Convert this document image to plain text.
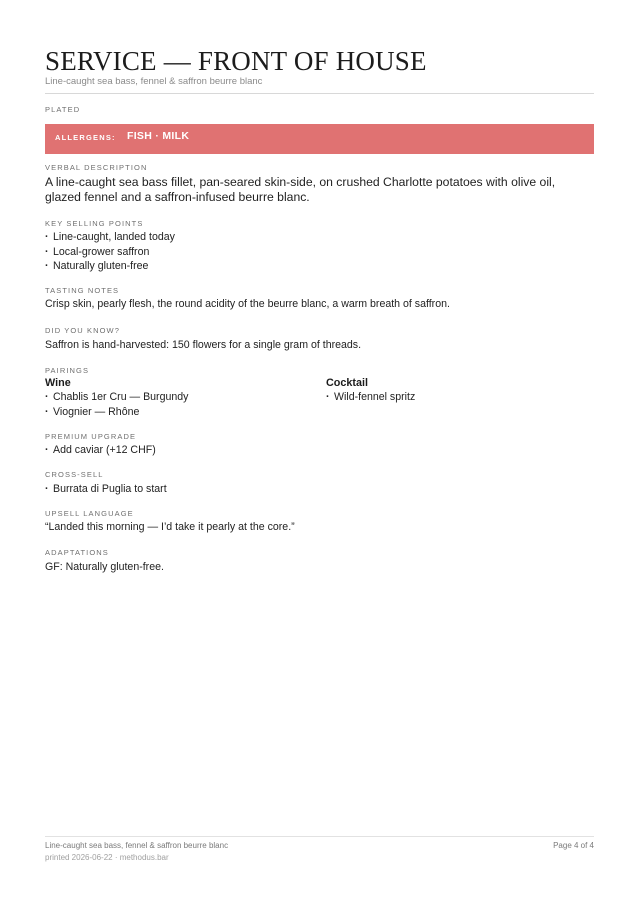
SERVICE — FRONT OF HOUSE
Line-caught sea bass, fennel & saffron beurre blanc
PLATED
ALLERGENS: FISH · MILK
VERBAL DESCRIPTION
A line-caught sea bass fillet, pan-seared skin-side, on crushed Charlotte potatoes with olive oil, glazed fennel and a saffron-infused beurre blanc.
KEY SELLING POINTS
· Line-caught, landed today
· Local-grower saffron
· Naturally gluten-free
TASTING NOTES
Crisp skin, pearly flesh, the round acidity of the beurre blanc, a warm breath of saffron.
DID YOU KNOW?
Saffron is hand-harvested: 150 flowers for a single gram of threads.
PAIRINGS
Wine
· Chablis 1er Cru — Burgundy
· Viognier — Rhône
Cocktail
· Wild-fennel spritz
PREMIUM UPGRADE
· Add caviar (+12 CHF)
CROSS-SELL
· Burrata di Puglia to start
UPSELL LANGUAGE
“Landed this morning — I’d take it pearly at the core.”
ADAPTATIONS
GF: Naturally gluten-free.
Line-caught sea bass, fennel & saffron beurre blanc
printed 2026-06-22 · methodus.bar
Page 4 of 4
